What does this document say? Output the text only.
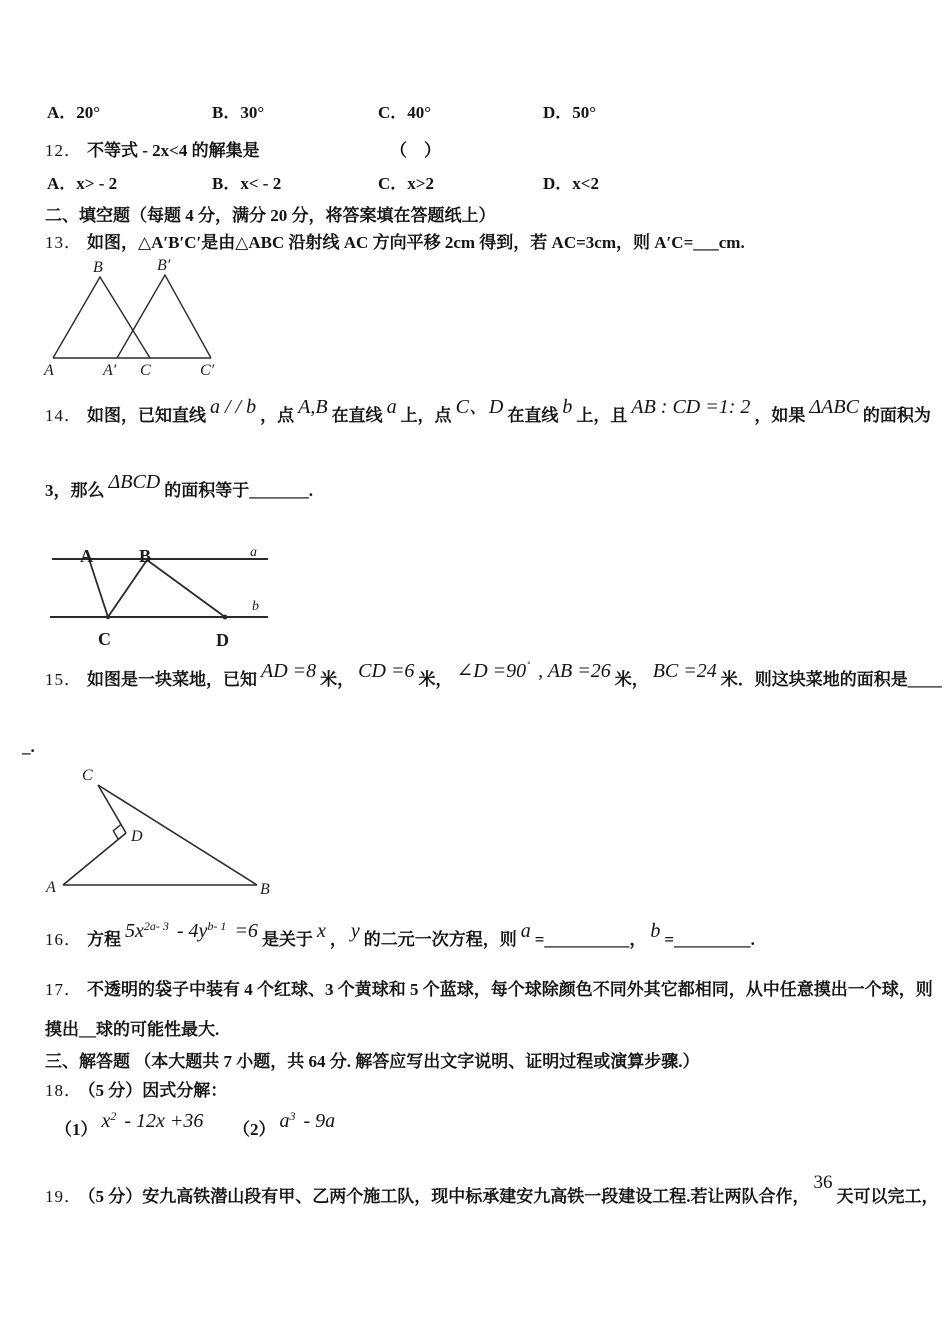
A．20°	B．30°	C．40°	D．50°
12． 不等式 - 2x<4 的解集是	（　）
A．x> - 2	B．x< - 2	C．x>2	D．x<2
二、填空题（每题 4 分，满分 20 分，将答案填在答题纸上）
13． 如图，△A′B′C′是由△ABC 沿射线 AC 方向平移 2cm 得到，若 AC=3cm，则 A′C=___cm.
14． 如图，已知直线 a / / b ，点 A,B 在直线 a 上，点 C、D 在直线 b 上，且 AB : CD =1: 2 ，如果 ΔABC 的面积为
3，那么 ΔBCD 的面积等于_______.
15． 如图是一块菜地，已知 AD =8 米， CD =6 米， ∠D =90˚ , AB =26 米， BC =24 米．则这块菜地的面积是____
_.
16． 方程 $5x^{2a- 3}-$ $4y^{b- 1}=6$ 是关于 x ， y 的二元一次方程，则 a =__________， b =_________.
17． 不透明的袋子中装有 4 个红球、3 个黄球和 5 个蓝球，每个球除颜色不同外其它都相同，从中任意摸出一个球，则
摸出__球的可能性最大.
三、解答题 （本大题共 7 小题，共 64 分. 解答应写出文字说明、证明过程或演算步骤.）
18． （5 分）因式分解：
（1） $x^2-$ 12x +36 （2） $a^3-$ 9a
19． （5 分）安九高铁潜山段有甲、乙两个施工队，现中标承建安九高铁一段建设工程.若让两队合作，36天可以完工，
B	B′
A	A′ C	C′
A	B
C	D
a
b
C
D
A	B
